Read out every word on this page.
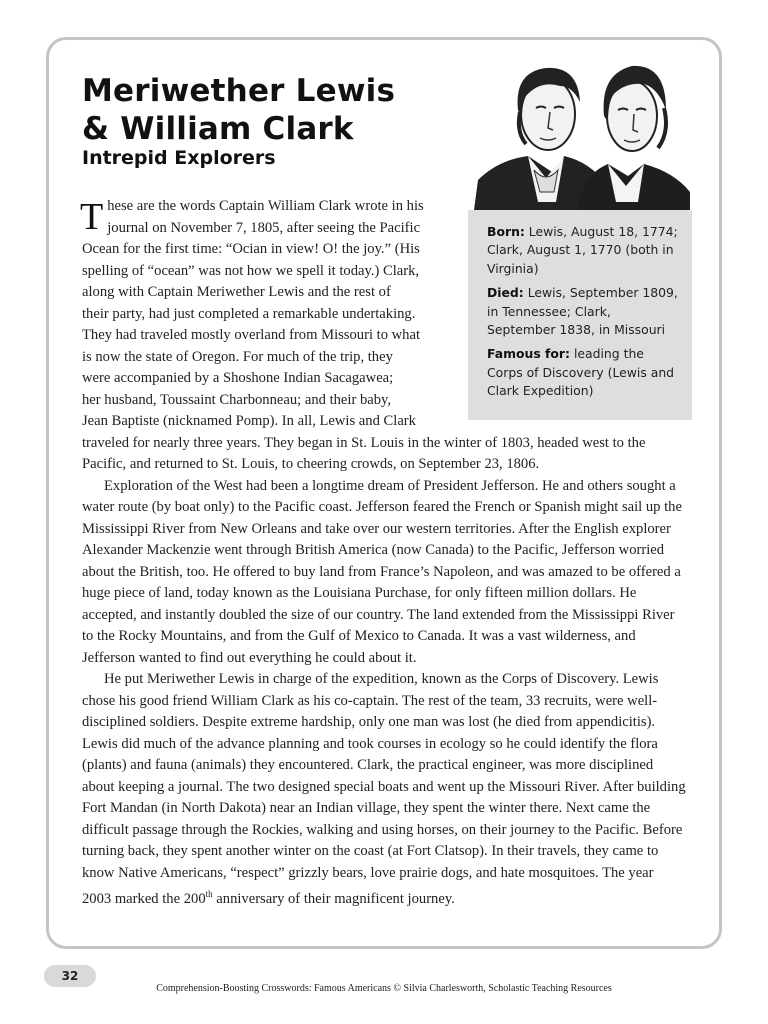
Meriwether Lewis
& William Clark
Intrepid Explorers

Born: Lewis, August 18, 1774; Clark, August 1, 1770 (both in Virginia)

Died: Lewis, September 1809, in Tennessee; Clark, September 1838, in Missouri

Famous for: leading the Corps of Discovery (Lewis and Clark Expedition)

T hese are the words Captain William Clark wrote in his
journal on November 7, 1805, after seeing the Pacific
Ocean for the first time: “Ocian in view! O! the joy.” (His
spelling of “ocean” was not how we spell it today.) Clark,
along with Captain Meriwether Lewis and the rest of
their party, had just completed a remarkable undertaking.
They had traveled mostly overland from Missouri to what
is now the state of Oregon. For much of the trip, they
were accompanied by a Shoshone Indian Sacagawea;
her husband, Toussaint Charbonneau; and their baby,
Jean Baptiste (nicknamed Pomp). In all, Lewis and Clark
traveled for nearly three years. They began in St. Louis in the winter of 1803, headed west to the Pacific, and returned to St. Louis, to cheering crowds, on September 23, 1806.

Exploration of the West had been a longtime dream of President Jefferson. He and others sought a water route (by boat only) to the Pacific coast. Jefferson feared the French or Spanish might sail up the Mississippi River from New Orleans and take over our western territories. After the English explorer Alexander Mackenzie went through British America (now Canada) to the Pacific, Jefferson worried about the British, too. He offered to buy land from France’s Napoleon, and was amazed to be offered a huge piece of land, today known as the Louisiana Purchase, for only fifteen million dollars. He accepted, and instantly doubled the size of our country. The land extended from the Mississippi River to the Rocky Mountains, and from the Gulf of Mexico to Canada. It was a vast wilderness, and Jefferson wanted to find out everything he could about it.

He put Meriwether Lewis in charge of the expedition, known as the Corps of Discovery. Lewis chose his good friend William Clark as his co-captain. The rest of the team, 33 recruits, were well-disciplined soldiers. Despite extreme hardship, only one man was lost (he died from appendicitis). Lewis did much of the advance planning and took courses in ecology so he could identify the flora (plants) and fauna (animals) they encountered. Clark, the practical engineer, was more disciplined about keeping a journal. The two designed special boats and went up the Missouri River. After building Fort Mandan (in North Dakota) near an Indian village, they spent the winter there. Next came the difficult passage through the Rockies, walking and using horses, on their journey to the Pacific. Before turning back, they spent another winter on the coast (at Fort Clatsop). In their travels, they came to know Native Americans, “respect” grizzly bears, love prairie dogs, and hate mosquitoes. The year 2003 marked the 200th anniversary of their magnificent journey.

32
Comprehension-Boosting Crosswords: Famous Americans © Silvia Charlesworth, Scholastic Teaching Resources
